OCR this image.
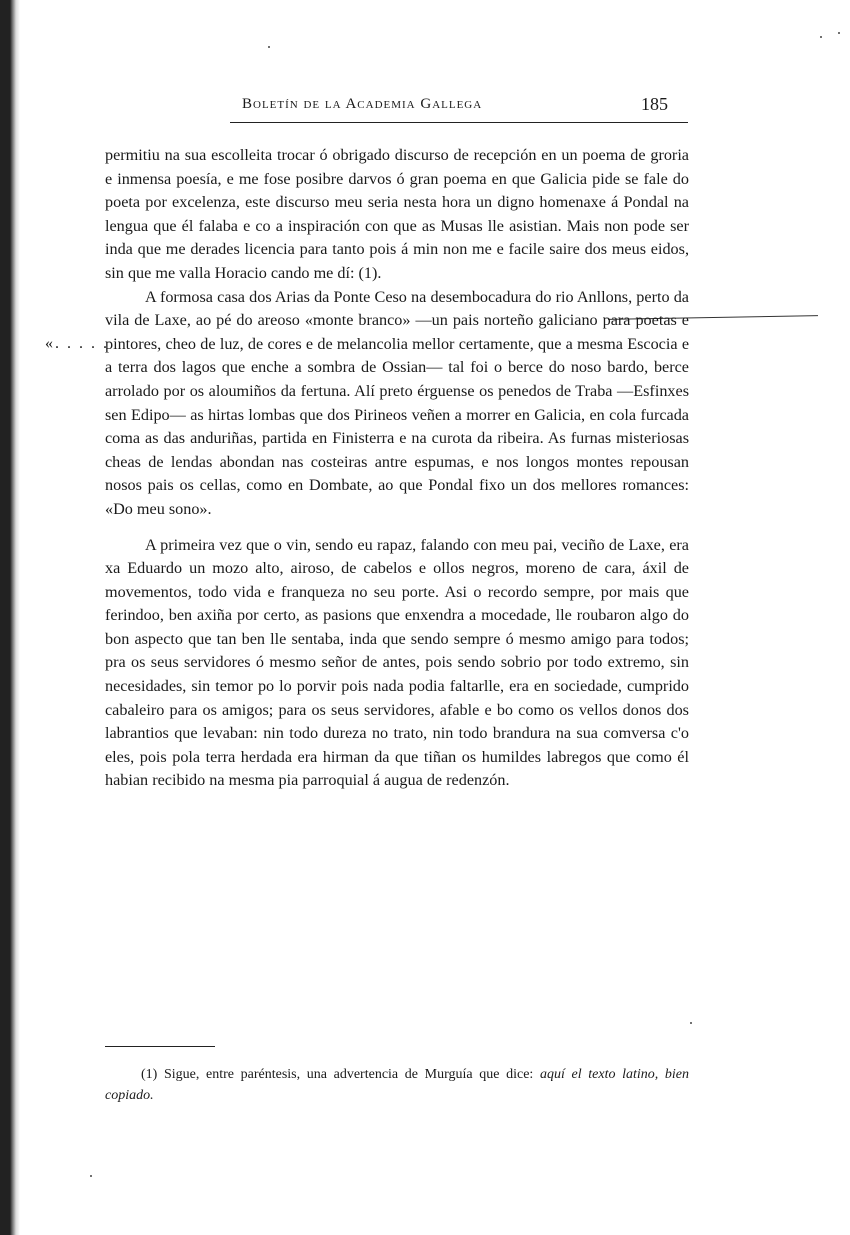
Boletín de la Academia Gallega	185
«. . . . .

permitiu na sua escolleita trocar ó obrigado discurso de recepción en un poema de groria e inmensa poesía, e me fose posibre darvos ó gran poema en que Galicia pide se fale do poeta por excelenza, este discurso meu seria nesta hora un digno homenaxe á Pondal na lengua que él falaba e co a inspiración con que as Musas lle asistian. Mais non pode ser inda que me derades licencia para tanto pois á min non me e facile saire dos meus eidos, sin que me valla Horacio cando me dí: (1).

A formosa casa dos Arias da Ponte Ceso na desembocadura do rio Anllons, perto da vila de Laxe, ao pé do areoso «monte branco» —un pais norteño galiciano para poetas e pintores, cheo de luz, de cores e de melancolia mellor certamente, que a mesma Escocia e a terra dos lagos que enche a sombra de Ossian— tal foi o berce do noso bardo, berce arrolado por os aloumiños da fertuna. Alí preto érguense os penedos de Traba —Esfinxes sen Edipo— as hirtas lombas que dos Pirineos veñen a morrer en Galicia, en cola furcada coma as das anduriñas, partida en Finisterra e na curota da ribeira. As furnas misteriosas cheas de lendas abondan nas costeiras antre espumas, e nos longos montes repousan nosos pais os cellas, como en Dombate, ao que Pondal fixo un dos mellores romances: «Do meu sono».

A primeira vez que o vin, sendo eu rapaz, falando con meu pai, veciño de Laxe, era xa Eduardo un mozo alto, airoso, de cabelos e ollos negros, moreno de cara, áxil de movementos, todo vida e franqueza no seu porte. Asi o recordo sempre, por mais que ferindoo, ben axiña por certo, as pasions que enxendra a mocedade, lle roubaron algo do bon aspecto que tan ben lle sentaba, inda que sendo sempre ó mesmo amigo para todos; pra os seus servidores ó mesmo señor de antes, pois sendo sobrio por todo extremo, sin necesidades, sin temor po lo porvir pois nada podia faltarlle, era en sociedade, cumprido cabaleiro para os amigos; para os seus servidores, afable e bo como os vellos donos dos labrantios que levaban: nin todo dureza no trato, nin todo brandura na sua comversa c'o eles, pois pola terra herdada era hirman da que tiñan os humildes labregos que como él habian recibido na mesma pia parroquial á augua de redenzón.

(1) Sigue, entre paréntesis, una advertencia de Murguía que dice: aquí el texto latino, bien copiado.
